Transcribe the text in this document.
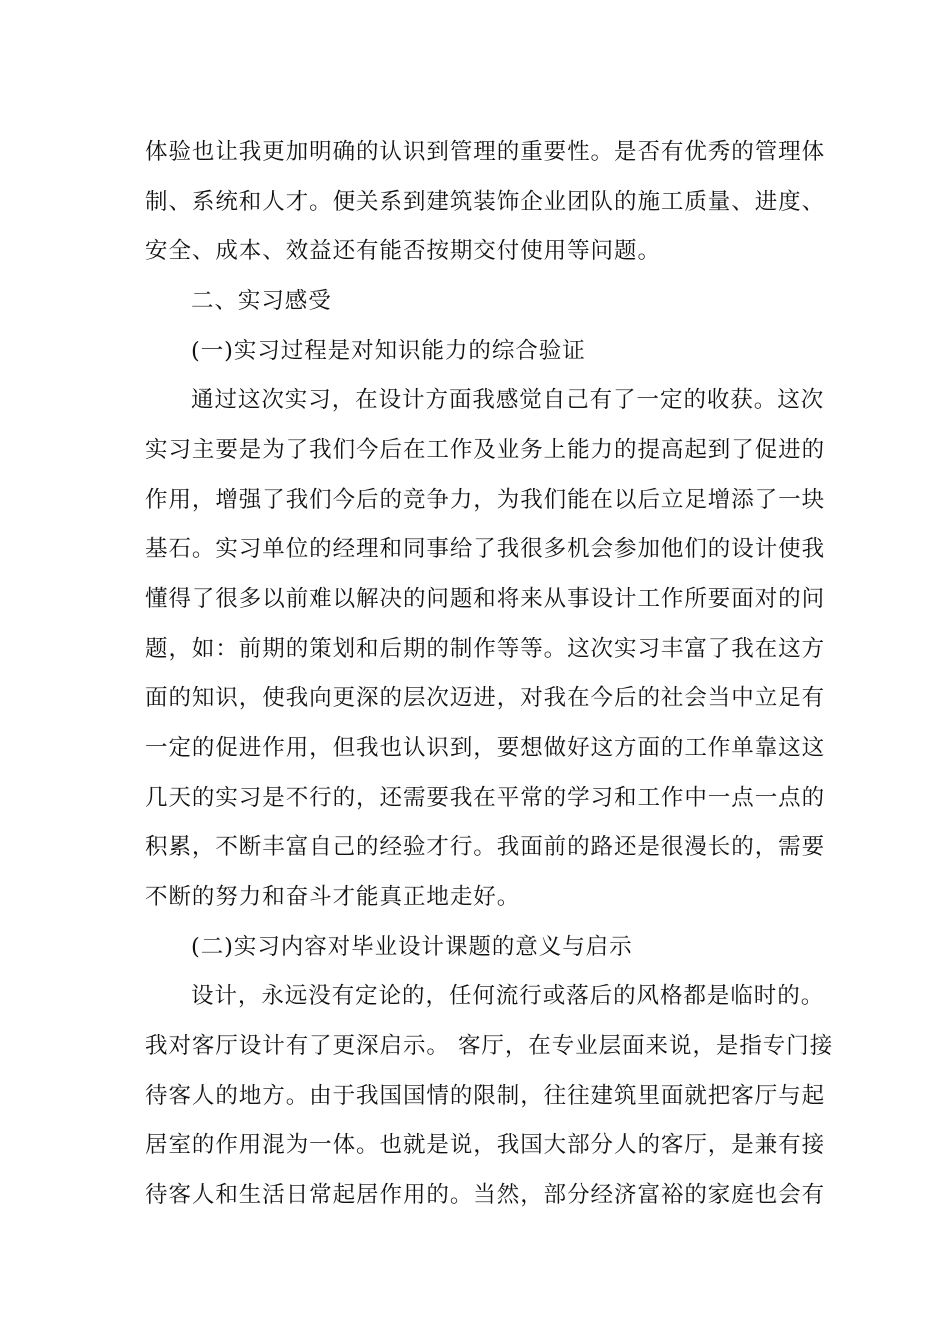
体验也让我更加明确的认识到管理的重要性。是否有优秀的管理体
制、系统和人才。便关系到建筑装饰企业团队的施工质量、进度、
安全、成本、效益还有能否按期交付使用等问题。
二、实习感受
(一)实习过程是对知识能力的综合验证
通过这次实习，在设计方面我感觉自己有了一定的收获。这次
实习主要是为了我们今后在工作及业务上能力的提高起到了促进的
作用，增强了我们今后的竞争力，为我们能在以后立足增添了一块
基石。实习单位的经理和同事给了我很多机会参加他们的设计使我
懂得了很多以前难以解决的问题和将来从事设计工作所要面对的问
题，如：前期的策划和后期的制作等等。这次实习丰富了我在这方
面的知识，使我向更深的层次迈进，对我在今后的社会当中立足有
一定的促进作用，但我也认识到，要想做好这方面的工作单靠这这
几天的实习是不行的，还需要我在平常的学习和工作中一点一点的
积累，不断丰富自己的经验才行。我面前的路还是很漫长的，需要
不断的努力和奋斗才能真正地走好。
(二)实习内容对毕业设计课题的意义与启示
设计，永远没有定论的，任何流行或落后的风格都是临时的。
我对客厅设计有了更深启示。 客厅，在专业层面来说，是指专门接
待客人的地方。由于我国国情的限制，往往建筑里面就把客厅与起
居室的作用混为一体。也就是说，我国大部分人的客厅，是兼有接
待客人和生活日常起居作用的。当然，部分经济富裕的家庭也会有
